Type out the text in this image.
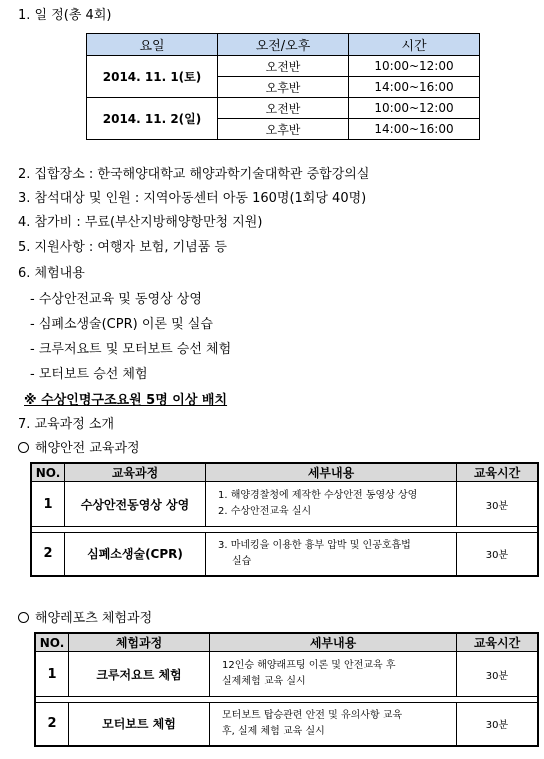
1. 일 정(총 4회)
요일	오전/오후	시간
2014. 11. 1(토)	오전반	10:00~12:00
	오후반	14:00~16:00
2014. 11. 2(일)	오전반	10:00~12:00
	오후반	14:00~16:00
2. 집합장소 : 한국해양대학교 해양과학기술대학관 중합강의실
3. 참석대상 및 인원 : 지역아동센터 아동 160명(1회당 40명)
4. 참가비 : 무료(부산지방해양항만청 지원)
5. 지원사항 : 여행자 보험, 기념품 등
6. 체험내용
- 수상안전교육 및 동영상 상영
- 심폐소생술(CPR) 이론 및 실습
- 크루저요트 및 모터보트 승선 체험
- 모터보트 승선 체험
※ 수상인명구조요원 5명 이상 배치
7. 교육과정 소개
해양안전 교육과정
NO.	교육과정	세부내용	교육시간
1	수상안전동영상 상영	1. 해양경찰청에 제작한 수상안전 동영상 상영
2. 수상안전교육 실시	30분

2	심폐소생술(CPR)	3. 마네킹을 이용한 흉부 압박 및 인공호흡법
실습	30분
해양레포츠 체험과정
NO.	체험과정	세부내용	교육시간
1	크루저요트 체험	12인승 해양래프팅 이론 및 안전교육 후
실제체험 교육 실시	30분

2	모터보트 체험	모터보트 탑승관련 안전 및 유의사항 교육
후, 실제 체험 교육 실시	30분
